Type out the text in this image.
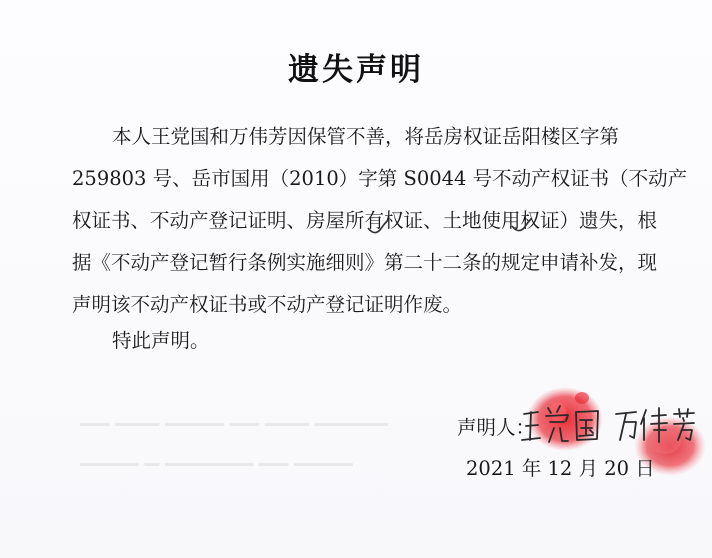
遗失声明
本人王党国和万伟芳因保管不善，将岳房权证岳阳楼区字第
259803 号、岳市国用（2010）字第 S0044 号不动产权证书（不动产
权证书、不动产登记证明、房屋所有权证、土地使用权证）遗失，根
据《不动产登记暂行条例实施细则》第二十二条的规定申请补发，现
声明该不动产权证书或不动产登记证明作废。
特此声明。
▔▔ ▔▔▔ ▔▔▔▔ ▔▔ ▔▔▔ ▔▔▔▔▔
▔▔▔▔ ▔ ▔▔▔▔▔▔ ▔▔ ▔▔▔▔
声明人：
2021 年 12 月 20 日
